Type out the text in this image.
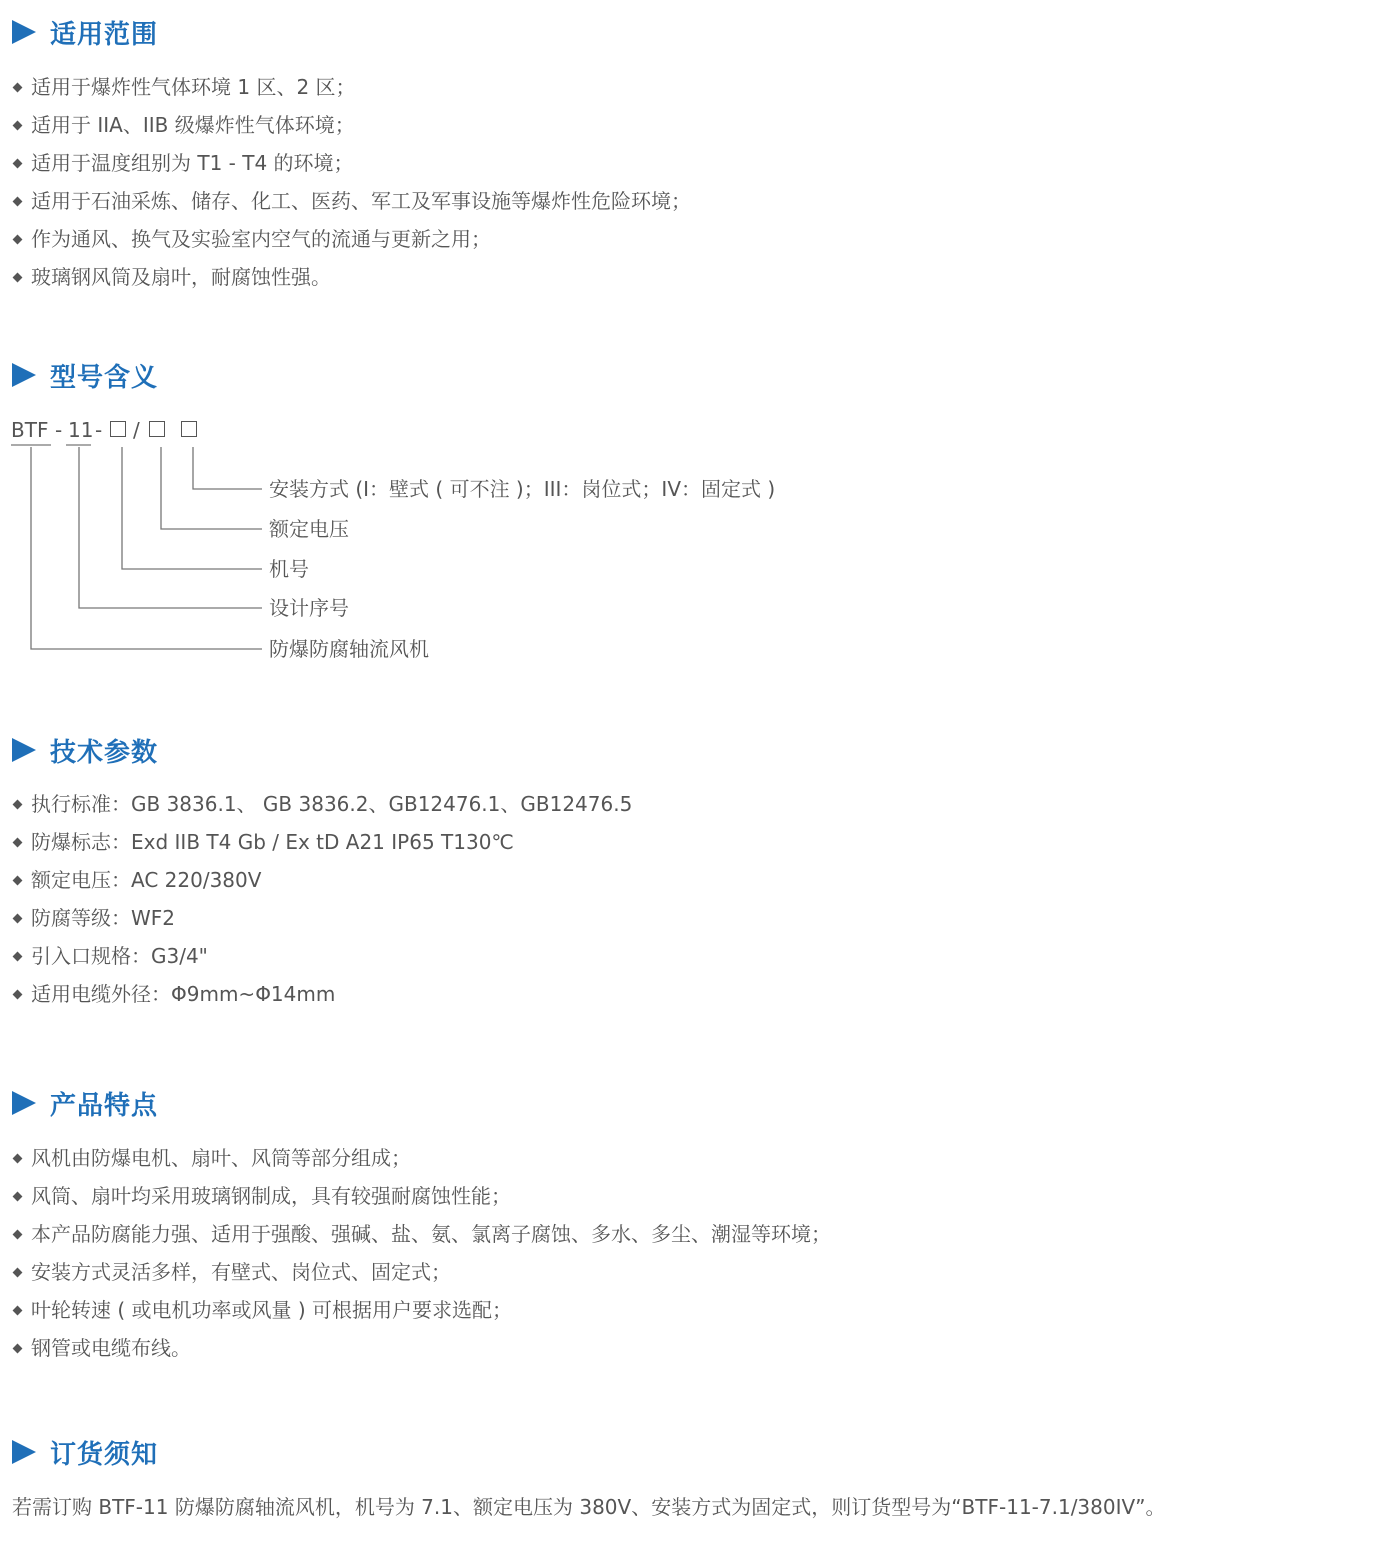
适用范围
适用于爆炸性气体环境 1 区、2 区；
适用于 IIA、IIB 级爆炸性气体环境；
适用于温度组别为 T1 - T4 的环境；
适用于石油采炼、储存、化工、医药、军工及军事设施等爆炸性危险环境；
作为通风、换气及实验室内空气的流通与更新之用；
玻璃钢风筒及扇叶，耐腐蚀性强。
型号含义
BTF - 11 - /
安装方式 (I：壁式 ( 可不注 )；III：岗位式；IV：固定式 )
额定电压
机号
设计序号
防爆防腐轴流风机
技术参数
执行标准：GB 3836.1、 GB 3836.2、GB12476.1、GB12476.5
防爆标志：Exd IIB T4 Gb / Ex tD A21 IP65 T130℃
额定电压：AC 220/380V
防腐等级：WF2
引入口规格：G3/4"
适用电缆外径：Φ9mm~Φ14mm
产品特点
风机由防爆电机、扇叶、风筒等部分组成；
风筒、扇叶均采用玻璃钢制成，具有较强耐腐蚀性能；
本产品防腐能力强、适用于强酸、强碱、盐、氨、氯离子腐蚀、多水、多尘、潮湿等环境；
安装方式灵活多样，有壁式、岗位式、固定式；
叶轮转速 ( 或电机功率或风量 ) 可根据用户要求选配；
钢管或电缆布线。
订货须知
若需订购 BTF-11 防爆防腐轴流风机，机号为 7.1、额定电压为 380V、安装方式为固定式，则订货型号为“BTF-11-7.1/380IV”。
